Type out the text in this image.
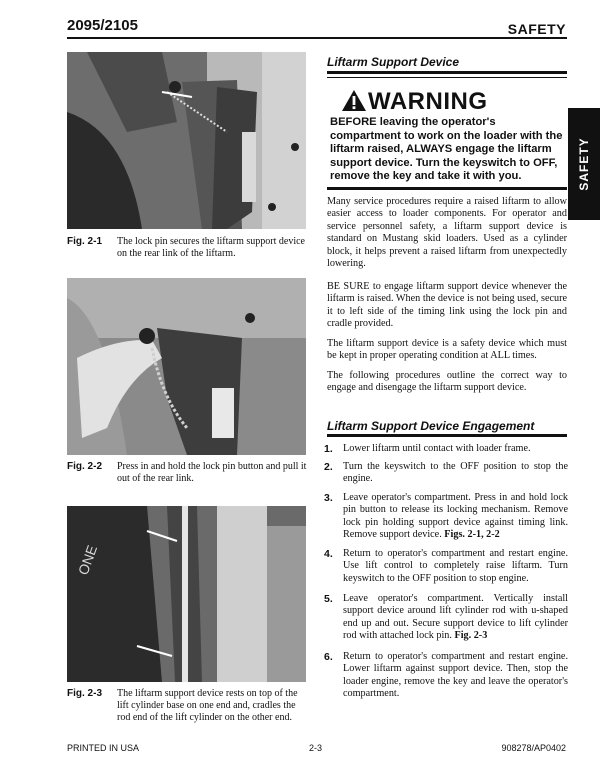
2095/2105	SAFETY
SAFETY
Fig. 2-1 The lock pin secures the liftarm support device on the rear link of the liftarm.
Fig. 2-2 Press in and hold the lock pin button and pull it out of the rear link.
ONE
Fig. 2-3 The liftarm support device rests on top of the lift cylinder base on one end and, cradles the rod end of the lift cylinder on the other end.
Liftarm Support Device
WARNING
BEFORE leaving the operator's compartment to work on the loader with the liftarm raised, ALWAYS engage the liftarm support device. Turn the keyswitch to OFF, remove the key and take it with you.
Many service procedures require a raised liftarm to allow easier access to loader components. For operator and service personnel safety, a liftarm support device is standard on Mustang skid loaders. Used as a cylinder block, it helps prevent a raised liftarm from unexpectedly lowering.
BE SURE to engage liftarm support device whenever the liftarm is raised. When the device is not being used, secure it to left side of the timing link using the lock pin and cradle provided.
The liftarm support device is a safety device which must be kept in proper operating condition at ALL times.
The following procedures outline the correct way to engage and disengage the liftarm support device.
Liftarm Support Device Engagement
1. Lower liftarm until contact with loader frame.
2. Turn the keyswitch to the OFF position to stop the engine.
3. Leave operator's compartment. Press in and hold lock pin button to release its locking mechanism. Remove lock pin holding support device against timing link. Remove support device. Figs. 2-1, 2-2
4. Return to operator's compartment and restart engine. Use lift control to completely raise liftarm. Turn keyswitch to the OFF position to stop engine.
5. Leave operator's compartment. Vertically install support device around lift cylinder rod with u-shaped end up and out. Secure support device to lift cylinder rod with attached lock pin. Fig. 2-3
6. Return to operator's compartment and restart engine. Lower liftarm against support device. Then, stop the loader engine, remove the key and leave the operator's compartment.
PRINTED IN USA	2-3	908278/AP0402
